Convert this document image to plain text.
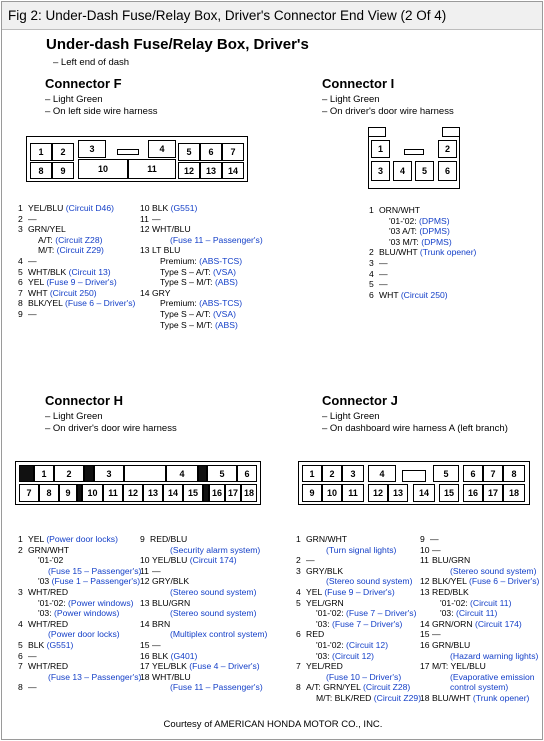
Fig 2: Under-Dash Fuse/Relay Box, Driver's Connector End View (2 Of 4)
Under-dash Fuse/Relay Box, Driver's
– Left end of dash
Connector F
– Light Green
– On left side wire harness
1	2	3	4	5	6	7
8	9	10	11	12	13	14
1 YEL/BLU (Circuit D46)
2 —
3 GRN/YEL
A/T: (Circuit Z28)
M/T: (Circuit Z29)
4 —
5 WHT/BLK (Circuit 13)
6 YEL (Fuse 9 – Driver's)
7 WHT (Circuit 250)
8 BLK/YEL (Fuse 6 – Driver's)
9 —
10 BLK (G551)
11 —
12 WHT/BLU
(Fuse 11 – Passenger's)
13 LT BLU
Premium: (ABS-TCS)
Type S – A/T: (VSA)
Type S – M/T: (ABS)
14 GRY
Premium: (ABS-TCS)
Type S – A/T: (VSA)
Type S – M/T: (ABS)
Connector I
– Light Green
– On driver's door wire harness
1	2
3	4	5	6
1 ORN/WHT
'01-'02: (DPMS)
'03 A/T: (DPMS)
'03 M/T: (DPMS)
2 BLU/WHT (Trunk opener)
3 —
4 —
5 —
6 WHT (Circuit 250)
Connector H
– Light Green
– On driver's door wire harness
1	2	3	4	5	6
7	8	9	10	11	12	13	14	15	16 17 18
1 YEL (Power door locks)
2 GRN/WHT
'01-'02
(Fuse 15 – Passenger's)
'03 (Fuse 1 – Passenger's)
3 WHT/RED
'01-'02: (Power windows)
'03: (Power windows)
4 WHT/RED
(Power door locks)
5 BLK (G551)
6 —
7 WHT/RED
(Fuse 13 – Passenger's)
8 —
9 RED/BLU
(Security alarm system)
10 YEL/BLU (Circuit 174)
11 —
12 GRY/BLK
(Stereo sound system)
13 BLU/GRN
(Stereo sound system)
14 BRN
(Multiplex control system)
15 —
16 BLK (G401)
17 YEL/BLK (Fuse 4 – Driver's)
18 WHT/BLU
(Fuse 11 – Passenger's)
Connector J
– Light Green
– On dashboard wire harness A (left branch)
1	2	3	4	5	6	7	8
9	10	11	12	13	14	15	16	17	18
1 GRN/WHT
(Turn signal lights)
2 —
3 GRY/BLK
(Stereo sound system)
4 YEL (Fuse 9 – Driver's)
5 YEL/GRN
'01-'02: (Fuse 7 – Driver's)
'03: (Fuse 7 – Driver's)
6 RED
'01-'02: (Circuit 12)
'03: (Circuit 12)
7 YEL/RED
(Fuse 10 – Driver's)
8 A/T: GRN/YEL (Circuit Z28)
M/T: BLK/RED (Circuit Z29)
9 —
10 —
11 BLU/GRN
(Stereo sound system)
12 BLK/YEL (Fuse 6 – Driver's)
13 RED/BLK
'01-'02: (Circuit 11)
'03: (Circuit 11)
14 GRN/ORN (Circuit 174)
15 —
16 GRN/BLU
(Hazard warning lights)
17 M/T: YEL/BLU
(Evaporative emission
control system)
18 BLU/WHT (Trunk opener)
Courtesy of AMERICAN HONDA MOTOR CO., INC.
